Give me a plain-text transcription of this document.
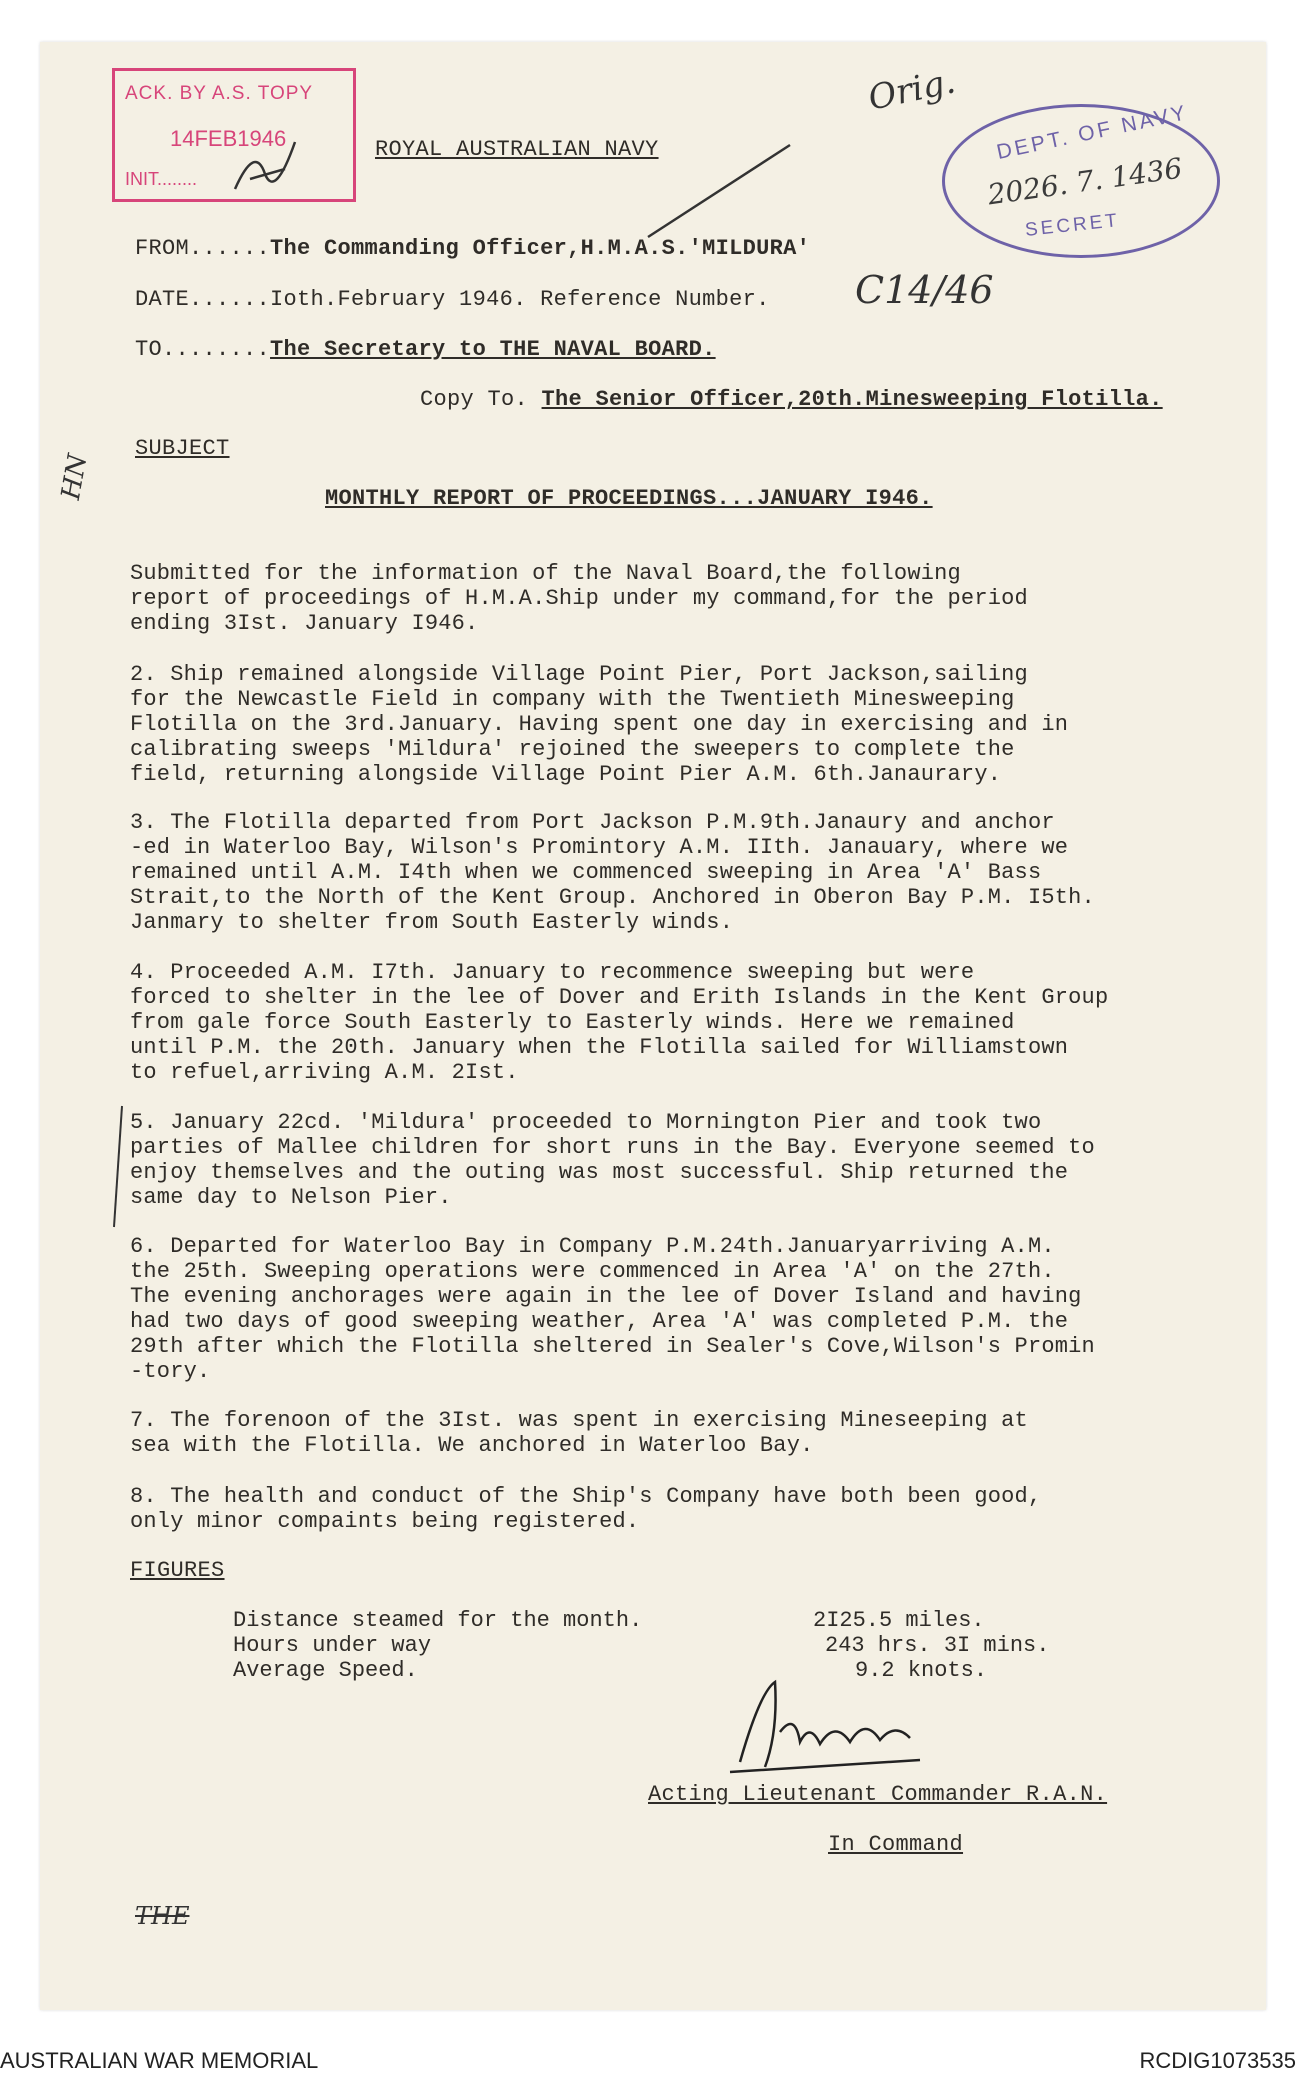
ACK. BY A.S. TOPY
14FEB1946
INIT........
ROYAL AUSTRALIAN NAVY
Orig.
DEPT. OF NAVY
2026. 7. 1436
SECRET
FROM......The Commanding Officer,H.M.A.S.'MILDURA'
DATE......Ioth.February 1946. Reference Number. C14/46
TO........The Secretary to THE NAVAL BOARD.
Copy To. The Senior Officer,20th.Minesweeping Flotilla.
SUBJECT
HN	MONTHLY REPORT OF PROCEEDINGS...JANUARY I946.
Submitted for the information of the Naval Board,the following
report of proceedings of H.M.A.Ship under my command,for the period
ending 3Ist. January I946.
2. Ship remained alongside Village Point Pier, Port Jackson,sailing
for the Newcastle Field in company with the Twentieth Minesweeping
Flotilla on the 3rd.January. Having spent one day in exercising and in
calibrating sweeps 'Mildura' rejoined the sweepers to complete the
field, returning alongside Village Point Pier A.M. 6th.Janaurary.
3. The Flotilla departed from Port Jackson P.M.9th.Janaury and anchor
-ed in Waterloo Bay, Wilson's Promintory A.M. IIth. Janauary, where we
remained until A.M. I4th when we commenced sweeping in Area 'A' Bass
Strait,to the North of the Kent Group. Anchored in Oberon Bay P.M. I5th.
Janmary to shelter from South Easterly winds.
4. Proceeded A.M. I7th. January to recommence sweeping but were
forced to shelter in the lee of Dover and Erith Islands in the Kent Group
from gale force South Easterly to Easterly winds. Here we remained
until P.M. the 20th. January when the Flotilla sailed for Williamstown
to refuel,arriving A.M. 2Ist.
5. January 22cd. 'Mildura' proceeded to Mornington Pier and took two
parties of Mallee children for short runs in the Bay. Everyone seemed to
enjoy themselves and the outing was most successful. Ship returned the
same day to Nelson Pier.
6. Departed for Waterloo Bay in Company P.M.24th.Januaryarriving A.M.
the 25th. Sweeping operations were commenced in Area 'A' on the 27th.
The evening anchorages were again in the lee of Dover Island and having
had two days of good sweeping weather, Area 'A' was completed P.M. the
29th after which the Flotilla sheltered in Sealer's Cove,Wilson's Promin
-tory.
7. The forenoon of the 3Ist. was spent in exercising Mineseeping at
sea with the Flotilla. We anchored in Waterloo Bay.
8. The health and conduct of the Ship's Company have both been good,
only minor compaints being registered.
FIGURES
Distance steamed for the month.	2I25.5 miles.
Hours under way	243 hrs. 3I mins.
Average Speed.	9.2 knots.
Acting Lieutenant Commander R.A.N.
In Command
THE
AUSTRALIAN WAR MEMORIAL	RCDIG1073535
